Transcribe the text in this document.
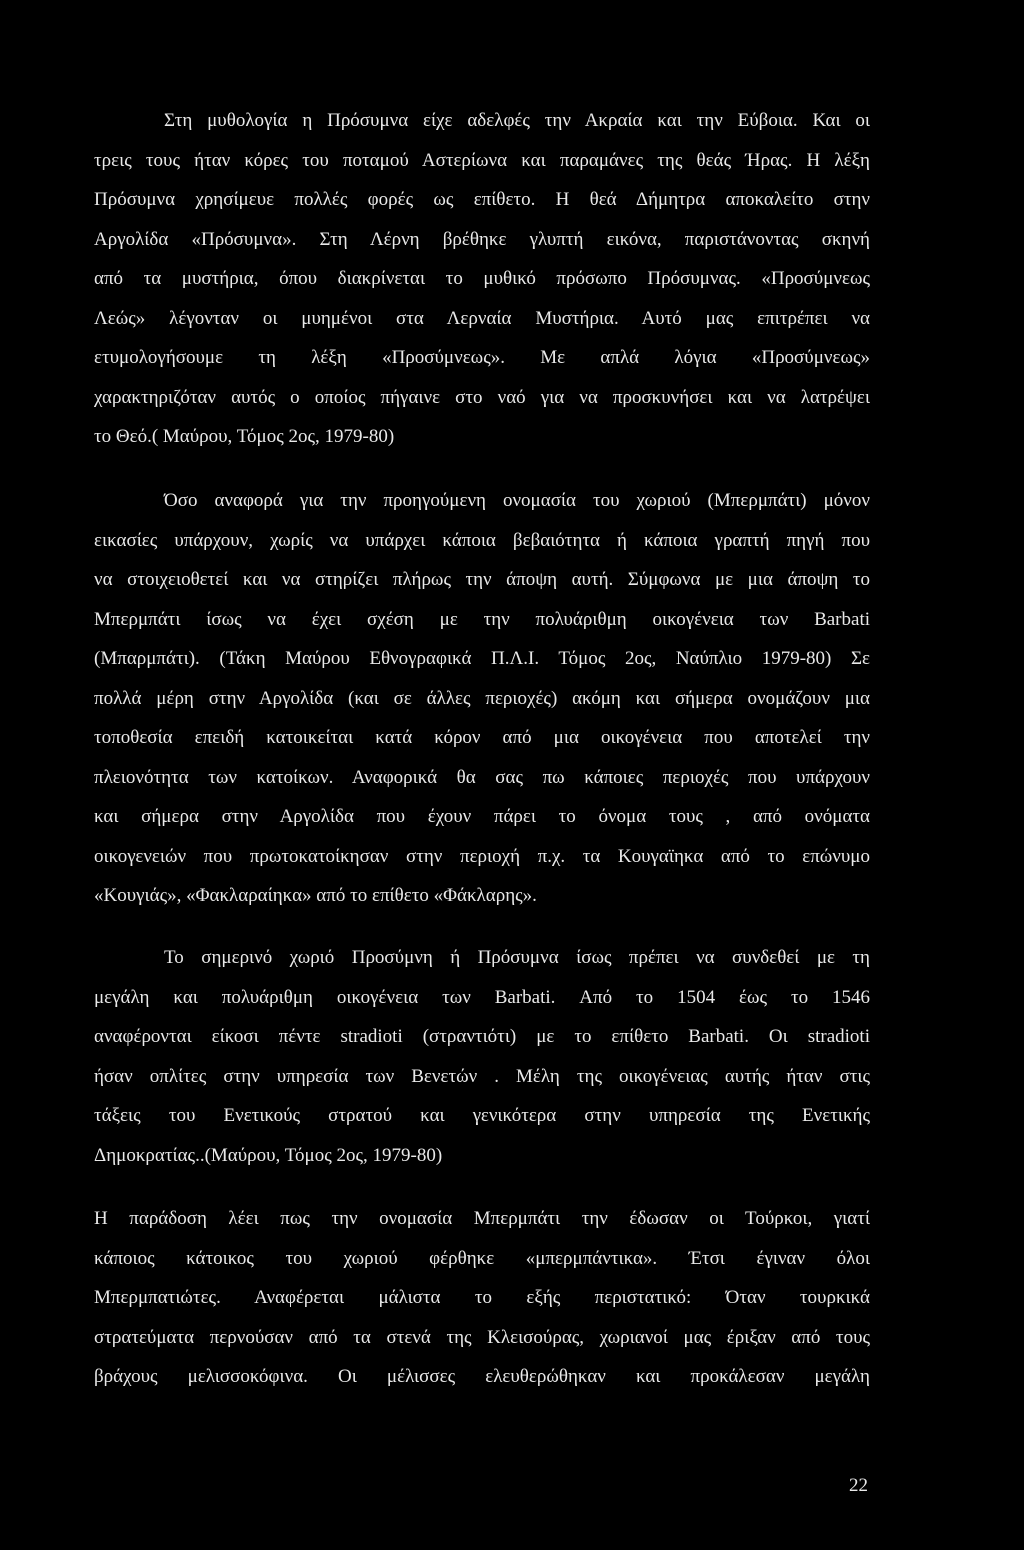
Στη μυθολογία η Πρόσυμνα είχε αδελφές την Ακραία και την Εύβοια. Και οι
τρεις τους ήταν κόρες του ποταμού Αστερίωνα και παραμάνες της θεάς Ήρας. Η λέξη
Πρόσυμνα χρησίμευε πολλές φορές ως επίθετο. Η θεά Δήμητρα αποκαλείτο στην
Αργολίδα «Πρόσυμνα». Στη Λέρνη βρέθηκε γλυπτή εικόνα, παριστάνοντας σκηνή
από τα μυστήρια, όπου διακρίνεται το μυθικό πρόσωπο Πρόσυμνας. «Προσύμνεως
Λεώς» λέγονταν οι μυημένοι στα Λερναία Μυστήρια. Αυτό μας επιτρέπει να
ετυμολογήσουμε τη λέξη «Προσύμνεως». Με απλά λόγια «Προσύμνεως»
χαρακτηριζόταν αυτός ο οποίος πήγαινε στο ναό για να προσκυνήσει και να λατρέψει
το Θεό.( Μαύρου, Τόμος 2ος, 1979-80)
Όσο αναφορά για την προηγούμενη ονομασία του χωριού (Μπερμπάτι) μόνον
εικασίες υπάρχουν, χωρίς να υπάρχει κάποια βεβαιότητα ή κάποια γραπτή πηγή που
να στοιχειοθετεί και να στηρίζει πλήρως την άποψη αυτή. Σύμφωνα με μια άποψη το
Μπερμπάτι ίσως να έχει σχέση με την πολυάριθμη οικογένεια των Barbati
(Μπαρμπάτι). (Τάκη Μαύρου Εθνογραφικά Π.Λ.Ι. Τόμος 2ος, Ναύπλιο 1979-80) Σε
πολλά μέρη στην Αργολίδα (και σε άλλες περιοχές) ακόμη και σήμερα ονομάζουν μια
τοποθεσία επειδή κατοικείται κατά κόρον από μια οικογένεια που αποτελεί την
πλειονότητα των κατοίκων. Αναφορικά θα σας πω κάποιες περιοχές που υπάρχουν
και σήμερα στην Αργολίδα που έχουν πάρει το όνομα τους , από ονόματα
οικογενειών που πρωτοκατοίκησαν στην περιοχή π.χ. τα Κουγαϊηκα από το επώνυμο
«Κουγιάς», «Φακλαραίηκα» από το επίθετο «Φάκλαρης».
Το σημερινό χωριό Προσύμνη ή Πρόσυμνα ίσως πρέπει να συνδεθεί με τη
μεγάλη και πολυάριθμη οικογένεια των Barbati. Από το 1504 έως το 1546
αναφέρονται είκοσι πέντε stradioti (στραντιότι) με το επίθετο Barbati. Οι stradioti
ήσαν οπλίτες στην υπηρεσία των Βενετών . Μέλη της οικογένειας αυτής ήταν στις
τάξεις του Ενετικούς στρατού και γενικότερα στην υπηρεσία της Ενετικής
Δημοκρατίας..(Μαύρου, Τόμος 2ος, 1979-80)
Η παράδοση λέει πως την ονομασία Μπερμπάτι την έδωσαν οι Τούρκοι, γιατί
κάποιος κάτοικος του χωριού φέρθηκε «μπερμπάντικα». Έτσι έγιναν όλοι
Μπερμπατιώτες. Αναφέρεται μάλιστα το εξής περιστατικό: Όταν τουρκικά
στρατεύματα περνούσαν από τα στενά της Κλεισούρας, χωριανοί μας έριξαν από τους
βράχους μελισσοκόφινα. Οι μέλισσες ελευθερώθηκαν και προκάλεσαν μεγάλη
22
